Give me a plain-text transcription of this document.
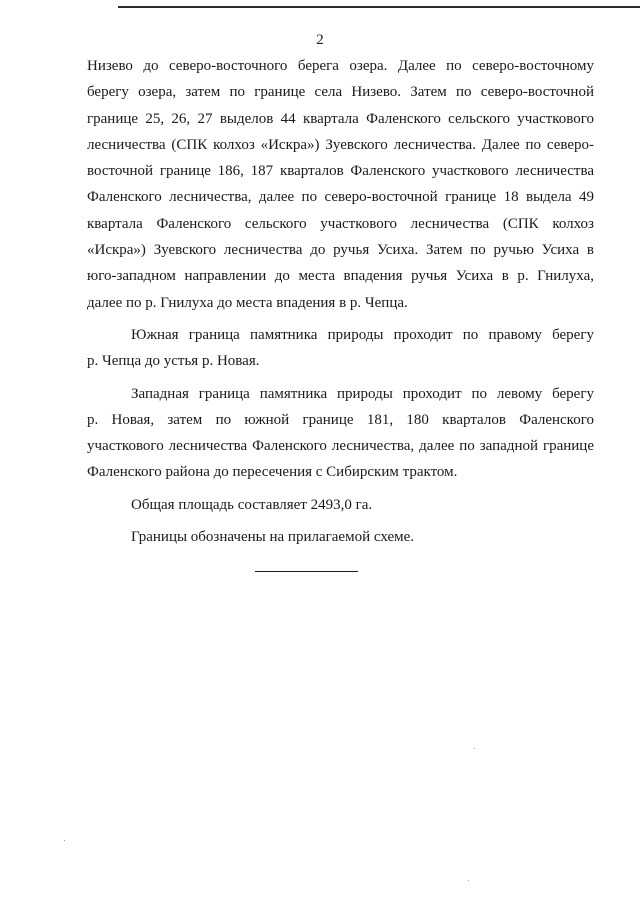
2

Низево до северо-восточного берега озера. Далее по северо-восточному
берегу озера, затем по границе села Низево. Затем по северо-восточной
границе 25, 26, 27 выделов 44 квартала Фаленского сельского участкового
лесничества (СПК колхоз «Искра») Зуевского лесничества. Далее по северо-
восточной границе 186, 187 кварталов Фаленского участкового лесничества
Фаленского лесничества, далее по северо-восточной границе 18 выдела 49
квартала Фаленского сельского участкового лесничества (СПК колхоз
«Искра») Зуевского лесничества до ручья Усиха. Затем по ручью Усиха в
юго-западном направлении до места впадения ручья Усиха в р. Гнилуха,
далее по р. Гнилуха до места впадения в р. Чепца.

Южная граница памятника природы проходит по правому берегу
р. Чепца до устья р. Новая.

Западная граница памятника природы проходит по левому берегу
р. Новая, затем по южной границе 181, 180 кварталов Фаленского
участкового лесничества Фаленского лесничества, далее по западной границе
Фаленского района до пересечения с Сибирским трактом.

Общая площадь составляет 2493,0 га.

Границы обозначены на прилагаемой схеме.
